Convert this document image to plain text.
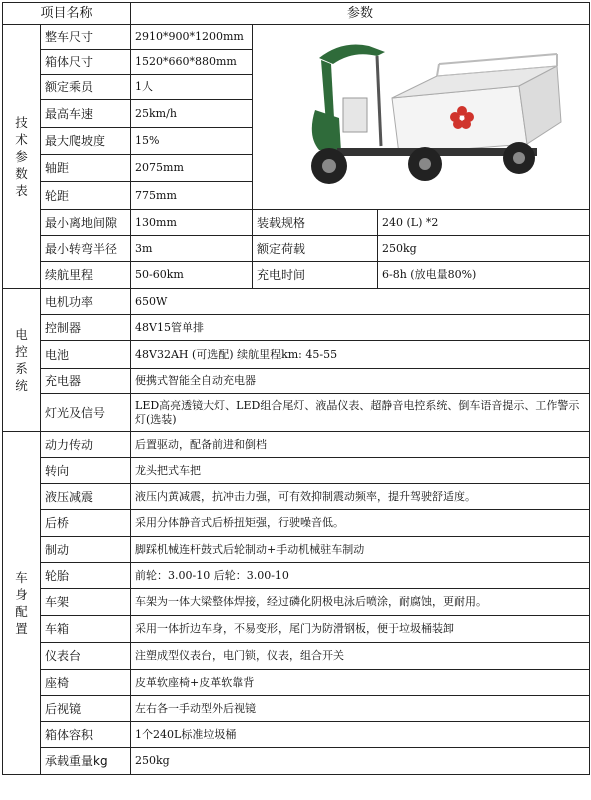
项目名称		参数		

技术参数表	整车尺寸	2910*900*1200mm	
	箱体尺寸	1520*660*880mm		
	额定乘员	1人		
	最高车速	25km/h		
	最大爬坡度	15%		
	轴距	2075mm		
	轮距	775mm		
	最小离地间隙	130mm	装载规格	240 (L) *2
	最小转弯半径	3m	额定荷载	250kg
	续航里程	50-60km	充电时间	6-8h (放电量80%)

电控系统	电机功率	650W		
	控制器	48V15管单排		
	电池	48V32AH (可选配) 续航里程km: 45-55		
	充电器	便携式智能全自动充电器		
	灯光及信号	LED高亮透镜大灯、LED组合尾灯、液晶仪表、超静音电控系统、倒车语音提示、工作警示灯(选装)		

车身配置	动力传动	后置驱动，配备前进和倒档		
	转向	龙头把式车把		
	液压减震	液压内黄减震，抗冲击力强，可有效抑制震动频率，提升驾驶舒适度。		
	后桥	采用分体静音式后桥扭矩强，行驶噪音低。		
	制动	脚踩机械连杆鼓式后轮制动+手动机械驻车制动		
	轮胎	前轮：3.00-10 后轮：3.00-10		
	车架	车架为一体大梁整体焊接，经过磷化阴极电泳后喷涂，耐腐蚀，更耐用。		
	车箱	采用一体折边车身，不易变形，尾门为防滑钢板，便于垃圾桶装卸		
	仪表台	注塑成型仪表台，电门锁，仪表，组合开关		
	座椅	皮革软座椅+皮革软靠背		
	后视镜	左右各一手动型外后视镜		
	箱体容积	1个240L标准垃圾桶		
	承载重量kg	250kg		
